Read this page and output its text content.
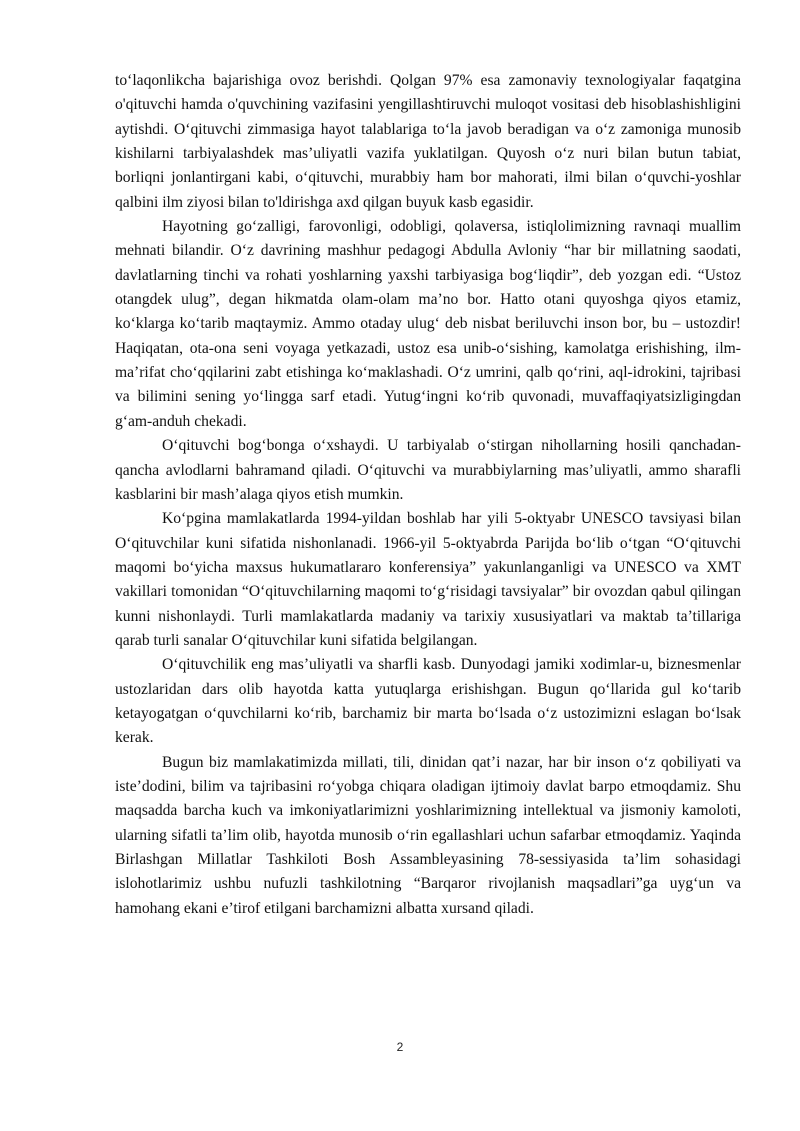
to‘laqonlikcha bajarishiga ovoz berishdi. Qolgan 97% esa zamonaviy texnologiyalar faqatgina o'qituvchi hamda o'quvchining vazifasini yengillashtiruvchi muloqot vositasi deb hisoblashishligini aytishdi. O‘qituvchi zimmasiga hayot talablariga to‘la javob beradigan va o‘z zamoniga munosib kishilarni tarbiyalashdek mas’uliyatli vazifa yuklatilgan. Quyosh o‘z nuri bilan butun tabiat, borliqni jonlantirgani kabi, o‘qituvchi, murabbiy ham bor mahorati, ilmi bilan o‘quvchi-yoshlar qalbini ilm ziyosi bilan to'ldirishga axd qilgan buyuk kasb egasidir.

Hayotning go‘zalligi, farovonligi, odobligi, qolaversa, istiqlolimizning ravnaqi muallim mehnati bilandir. O‘z davrining mashhur pedagogi Abdulla Avloniy “har bir millatning saodati, davlatlarning tinchi va rohati yoshlarning yaxshi tarbiyasiga bog‘liqdir”, deb yozgan edi. “Ustoz otangdek ulug”, degan hikmatda olam-olam ma’no bor. Hatto otani quyoshga qiyos etamiz, ko‘klarga ko‘tarib maqtaymiz. Ammo otaday ulug‘ deb nisbat beriluvchi inson bor, bu – ustozdir! Haqiqatan, ota-ona seni voyaga yetkazadi, ustoz esa unib-o‘sishing, kamolatga erishishing, ilm-ma’rifat cho‘qqilarini zabt etishinga ko‘maklashadi. O‘z umrini, qalb qo‘rini, aql-idrokini, tajribasi va bilimini sening yo‘lingga sarf etadi. Yutug‘ingni ko‘rib quvonadi, muvaffaqiyatsizligingdan g‘am-anduh chekadi.

O‘qituvchi bog‘bonga o‘xshaydi. U tarbiyalab o‘stirgan nihollarning hosili qanchadan-qancha avlodlarni bahramand qiladi. O‘qituvchi va murabbiylarning mas’uliyatli, ammo sharafli kasblarini bir mash’alaga qiyos etish mumkin.

Ko‘pgina mamlakatlarda 1994-yildan boshlab har yili 5-oktyabr UNESCO tavsiyasi bilan O‘qituvchilar kuni sifatida nishonlanadi. 1966-yil 5-oktyabrda Parijda bo‘lib o‘tgan “O‘qituvchi maqomi bo‘yicha maxsus hukumatlararo konferensiya” yakunlanganligi va UNESCO va XMT vakillari tomonidan “O‘qituvchilarning maqomi to‘g‘risidagi tavsiyalar” bir ovozdan qabul qilingan kunni nishonlaydi. Turli mamlakatlarda madaniy va tarixiy xususiyatlari va maktab ta’tillariga qarab turli sanalar O‘qituvchilar kuni sifatida belgilangan.

O‘qituvchilik eng mas’uliyatli va sharfli kasb. Dunyodagi jamiki xodimlar-u, biznesmenlar ustozlaridan dars olib hayotda katta yutuqlarga erishishgan. Bugun qo‘llarida gul ko‘tarib ketayogatgan o‘quvchilarni ko‘rib, barchamiz bir marta bo‘lsada o‘z ustozimizni eslagan bo‘lsak kerak.

Bugun biz mamlakatimizda millati, tili, dinidan qat’i nazar, har bir inson o‘z qobiliyati va iste’dodini, bilim va tajribasini ro‘yobga chiqara oladigan ijtimoiy davlat barpo etmoqdamiz. Shu maqsadda barcha kuch va imkoniyatlarimizni yoshlarimizning intellektual va jismoniy kamoloti, ularning sifatli ta’lim olib, hayotda munosib o‘rin egallashlari uchun safarbar etmoqdamiz. Yaqinda Birlashgan Millatlar Tashkiloti Bosh Assambleyasining 78-sessiyasida ta’lim sohasidagi islohotlarimiz ushbu nufuzli tashkilotning “Barqaror rivojlanish maqsadlari”ga uyg‘un va hamohang ekani e’tirof etilgani barchamizni albatta xursand qiladi.

2
